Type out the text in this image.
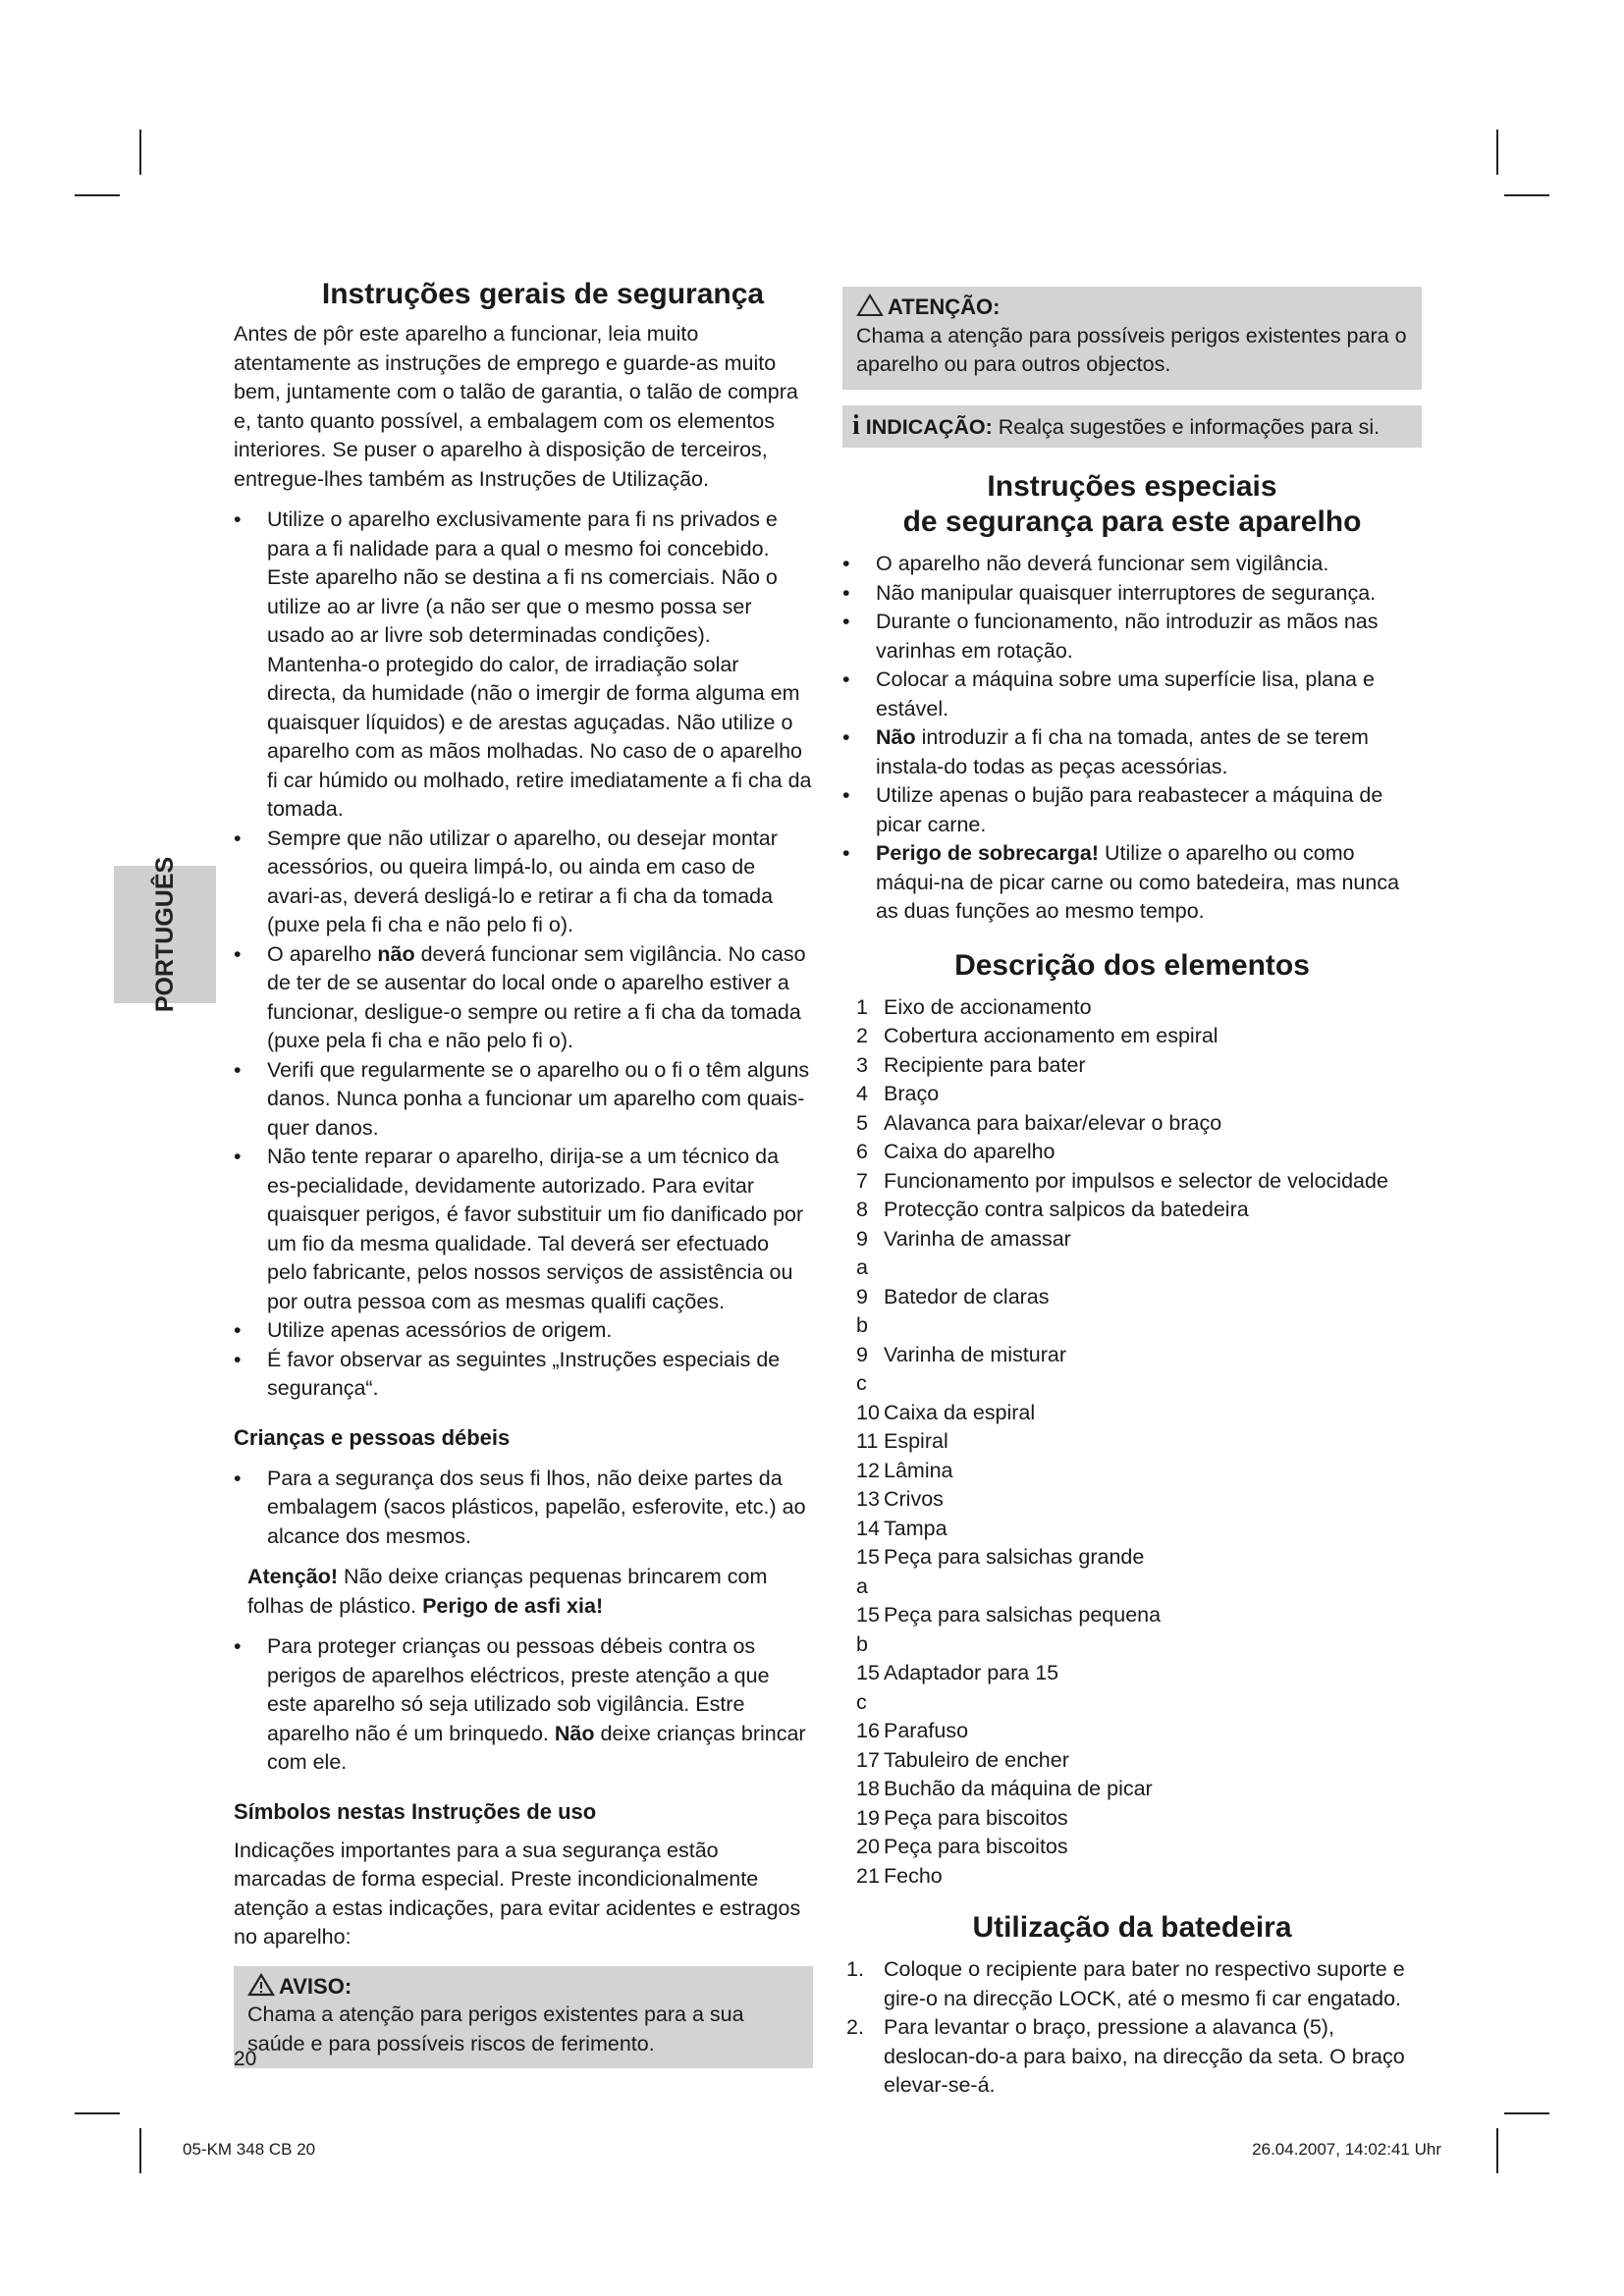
PORTUGUÊS
Instruções gerais de segurança

Antes de pôr este aparelho a funcionar, leia muito atentamente as instruções de emprego e guarde-as muito bem, juntamente com o talão de garantia, o talão de compra e, tanto quanto possível, a embalagem com os elementos interiores. Se puser o aparelho à disposição de terceiros, entregue-lhes também as Instruções de Utilização.

• Utilize o aparelho exclusivamente para fi ns privados e para a fi nalidade para a qual o mesmo foi concebido. Este aparelho não se destina a fi ns comerciais. Não o utilize ao ar livre (a não ser que o mesmo possa ser usado ao ar livre sob determinadas condições). Mantenha-o protegido do calor, de irradiação solar directa, da humidade (não o imergir de forma alguma em quaisquer líquidos) e de arestas aguçadas. Não utilize o aparelho com as mãos molhadas. No caso de o aparelho fi car húmido ou molhado, retire imediatamente a fi cha da tomada.
• Sempre que não utilizar o aparelho, ou desejar montar acessórios, ou queira limpá-lo, ou ainda em caso de avari-as, deverá desligá-lo e retirar a fi cha da tomada (puxe pela fi cha e não pelo fi o).
• O aparelho não deverá funcionar sem vigilância. No caso de ter de se ausentar do local onde o aparelho estiver a funcionar, desligue-o sempre ou retire a fi cha da tomada (puxe pela fi cha e não pelo fi o).
• Verifi que regularmente se o aparelho ou o fi o têm alguns danos. Nunca ponha a funcionar um aparelho com quais-quer danos.
• Não tente reparar o aparelho, dirija-se a um técnico da es-pecialidade, devidamente autorizado. Para evitar quaisquer perigos, é favor substituir um fio danificado por um fio da mesma qualidade. Tal deverá ser efectuado pelo fabricante, pelos nossos serviços de assistência ou por outra pessoa com as mesmas qualifi cações.
• Utilize apenas acessórios de origem.
• É favor observar as seguintes „Instruções especiais de segurança“.
Crianças e pessoas débeis
• Para a segurança dos seus fi lhos, não deixe partes da embalagem (sacos plásticos, papelão, esferovite, etc.) ao alcance dos mesmos.

Atenção! Não deixe crianças pequenas brincarem com folhas de plástico. Perigo de asfi xia!

• Para proteger crianças ou pessoas débeis contra os perigos de aparelhos eléctricos, preste atenção a que este aparelho só seja utilizado sob vigilância. Estre aparelho não é um brinquedo. Não deixe crianças brincar com ele.
Símbolos nestas Instruções de uso

Indicações importantes para a sua segurança estão marcadas de forma especial. Preste incondicionalmente atenção a estas indicações, para evitar acidentes e estragos no aparelho:

AVISO:

Chama a atenção para perigos existentes para a sua saúde e para possíveis riscos de ferimento.

ATENÇÃO:

Chama a atenção para possíveis perigos existentes para o aparelho ou para outros objectos.

i INDICAÇÃO: Realça sugestões e informações para si.
Instruções especiais
de segurança para este aparelho
• O aparelho não deverá funcionar sem vigilância.
• Não manipular quaisquer interruptores de segurança.
• Durante o funcionamento, não introduzir as mãos nas varinhas em rotação.
• Colocar a máquina sobre uma superfície lisa, plana e estável.
• Não introduzir a fi cha na tomada, antes de se terem instala-do todas as peças acessórias.
• Utilize apenas o bujão para reabastecer a máquina de picar carne.
• Perigo de sobrecarga! Utilize o aparelho ou como máqui-na de picar carne ou como batedeira, mas nunca as duas funções ao mesmo tempo.
Descrição dos elementos
1 Eixo de accionamento
2 Cobertura accionamento em espiral
3 Recipiente para bater
4 Braço
5 Alavanca para baixar/elevar o braço
6 Caixa do aparelho
7 Funcionamento por impulsos e selector de velocidade
8 Protecção contra salpicos da batedeira
9 a
Varinha de amassar
9 b
Batedor de claras
9 c
Varinha de misturar
10 Caixa da espiral
11 Espiral
12 Lâmina
13 Crivos
14 Tampa
15 a
Peça para salsichas grande
15 b
Peça para salsichas pequena
15 c
Adaptador para 15
16 Parafuso
17 Tabuleiro de encher
18 Buchão da máquina de picar
19 Peça para biscoitos
20 Peça para biscoitos
21 Fecho
Utilização da batedeira
1. Coloque o recipiente para bater no respectivo suporte e gire-o na direcção LOCK, até o mesmo fi car engatado.
2. Para levantar o braço, pressione a alavanca (5), deslocan-do-a para baixo, na direcção da seta. O braço elevar-se-á.
20
05-KM 348 CB 20	26.04.2007, 14:02:41 Uhr
